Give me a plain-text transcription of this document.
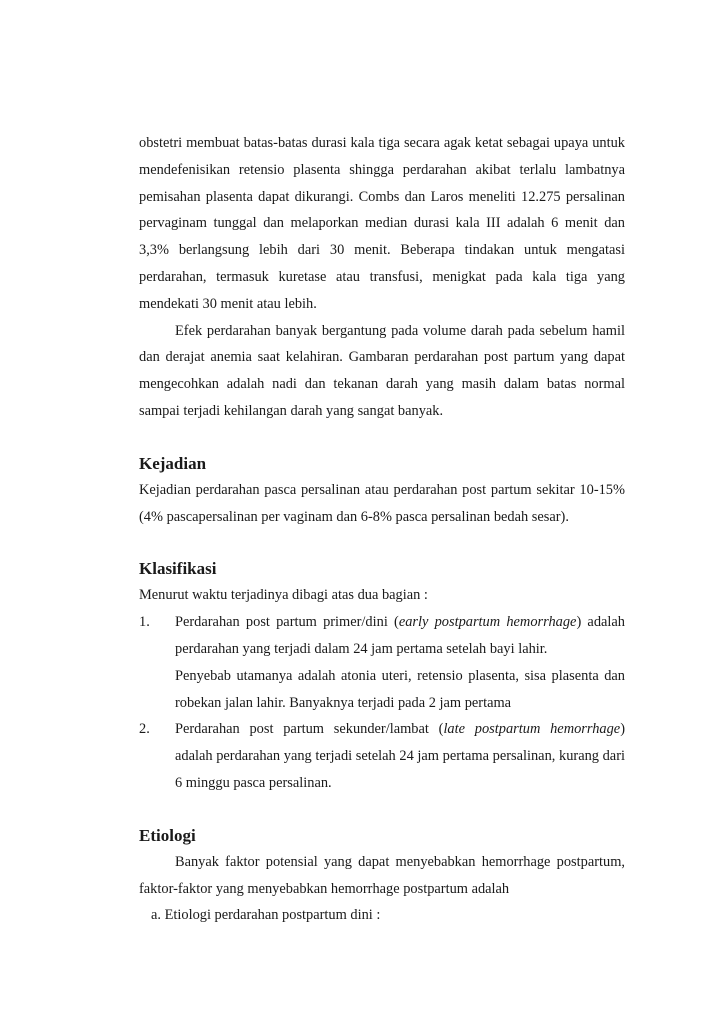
obstetri membuat batas-batas durasi kala tiga secara agak ketat sebagai upaya untuk mendefenisikan retensio plasenta shingga perdarahan akibat terlalu lambatnya pemisahan plasenta dapat dikurangi. Combs dan Laros meneliti 12.275 persalinan pervaginam tunggal dan melaporkan median durasi kala III adalah 6 menit dan 3,3% berlangsung lebih dari 30 menit. Beberapa tindakan untuk mengatasi perdarahan, termasuk kuretase atau transfusi, menigkat pada kala tiga yang mendekati 30 menit atau lebih.

Efek perdarahan banyak bergantung pada volume darah pada sebelum hamil dan derajat anemia saat kelahiran. Gambaran perdarahan post partum yang dapat mengecohkan adalah nadi dan tekanan darah yang masih dalam batas normal sampai terjadi kehilangan darah yang sangat banyak.

Kejadian

Kejadian perdarahan pasca persalinan atau perdarahan post partum sekitar 10-15% (4% pascapersalinan per vaginam dan 6-8% pasca persalinan bedah sesar).

Klasifikasi

Menurut waktu terjadinya dibagi atas dua bagian :

1. Perdarahan post partum primer/dini (early postpartum hemorrhage) adalah perdarahan yang terjadi dalam 24 jam pertama setelah bayi lahir.
Penyebab utamanya adalah atonia uteri, retensio plasenta, sisa plasenta dan robekan jalan lahir. Banyaknya terjadi pada 2 jam pertama
2. Perdarahan post partum sekunder/lambat (late postpartum hemorrhage) adalah perdarahan yang terjadi setelah 24 jam pertama persalinan, kurang dari 6 minggu pasca persalinan.
Etiologi

Banyak faktor potensial yang dapat menyebabkan hemorrhage postpartum, faktor-faktor yang menyebabkan hemorrhage postpartum adalah

a. Etiologi perdarahan postpartum dini :
